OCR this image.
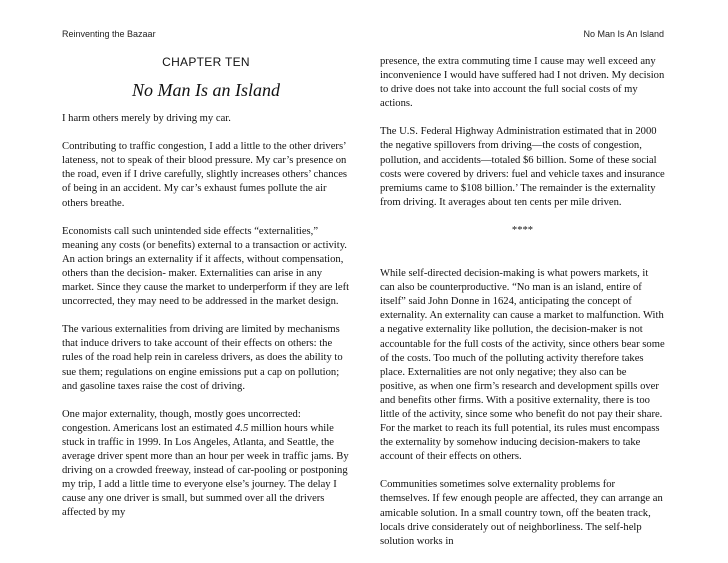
Reinventing the Bazaar	No Man Is An Island
CHAPTER TEN
No Man Is an Island

I harm others merely by driving my car.

Contributing to traffic congestion, I add a little to the other drivers’ lateness, not to speak of their blood pressure. My car’s presence on the road, even if I drive carefully, slightly increases others’ chances of being in an accident. My car’s exhaust fumes pollute the air others breathe.

Economists call such unintended side effects “externalities,” meaning any costs (or benefits) external to a transaction or activity. An action brings an externality if it affects, without compensation, others than the decision- maker. Externalities can arise in any market. Since they cause the market to underperform if they are left uncorrected, they may need to be addressed in the market design.

The various externalities from driving are limited by mechanisms that induce drivers to take account of their effects on others: the rules of the road help rein in careless drivers, as does the ability to sue them; regulations on engine emissions put a cap on pollution; and gasoline taxes raise the cost of driving.

One major externality, though, mostly goes uncorrected: congestion. Americans lost an estimated 4.5 million hours while stuck in traffic in 1999. In Los Angeles, Atlanta, and Seattle, the average driver spent more than an hour per week in traffic jams. By driving on a crowded freeway, instead of car-pooling or postponing my trip, I add a little time to everyone else’s journey. The delay I cause any one driver is small, but summed over all the drivers affected by my

presence, the extra commuting time I cause may well exceed any inconvenience I would have suffered had I not driven. My decision to drive does not take into account the full social costs of my actions.

The U.S. Federal Highway Administration estimated that in 2000 the negative spillovers from driving—the costs of congestion, pollution, and accidents—totaled $6 billion. Some of these social costs were covered by drivers: fuel and vehicle taxes and insurance premiums came to $108 billion.’ The remainder is the externality from driving. It averages about ten cents per mile driven.

****

While self-directed decision-making is what powers markets, it can also be counterproductive. “No man is an island, entire of itself” said John Donne in 1624, anticipating the concept of externality. An externality can cause a market to malfunction. With a negative externality like pollution, the decision-maker is not accountable for the full costs of the activity, since others bear some of the costs. Too much of the polluting activity therefore takes place. Externalities are not only negative; they also can be positive, as when one firm’s research and development spills over and benefits other firms. With a positive externality, there is too little of the activity, since some who benefit do not pay their share. For the market to reach its full potential, its rules must encompass the externality by somehow inducing decision-makers to take account of their effects on others.

Communities sometimes solve externality problems for themselves. If few enough people are affected, they can arrange an amicable solution. In a small country town, off the beaten track, locals drive considerately out of neighborliness. The self-help solution works in
